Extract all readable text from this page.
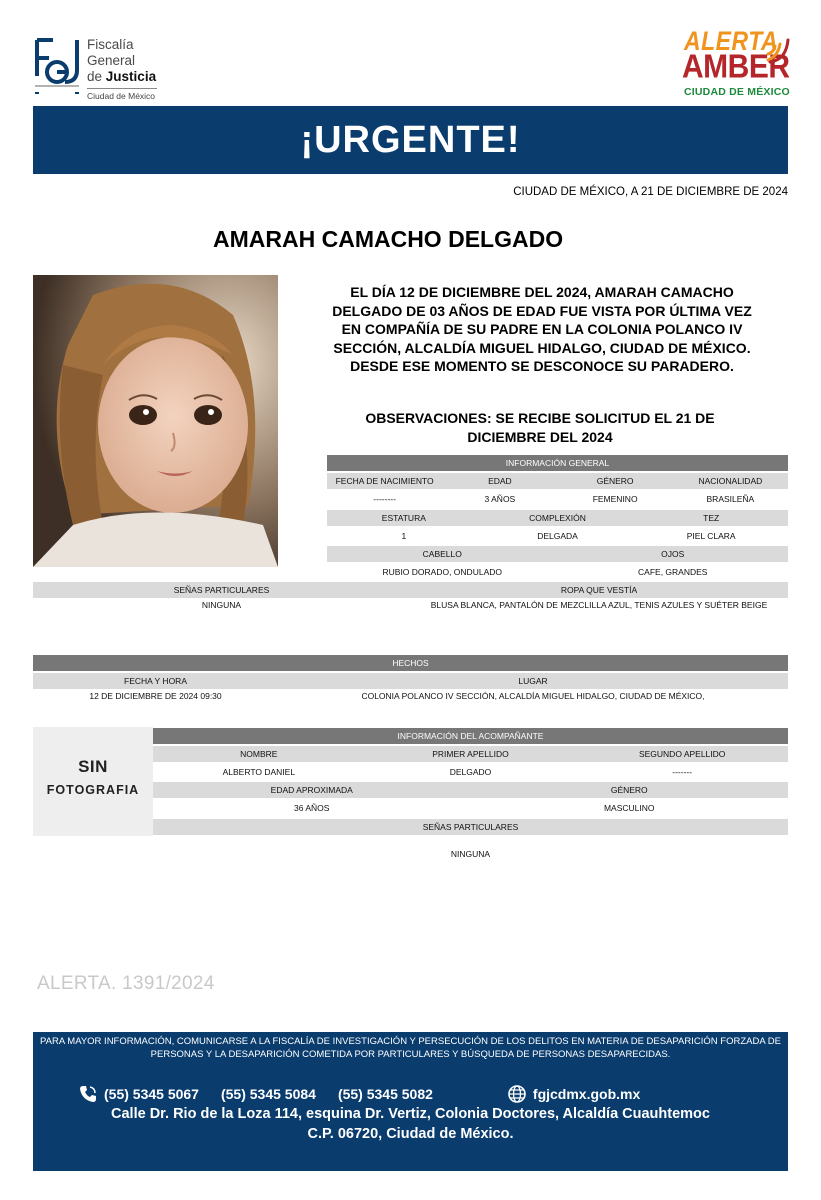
Fiscalía
General
de Justicia
Ciudad de México
ALERTA
AMBER
CIUDAD DE MÉXICO
¡URGENTE!
CIUDAD DE MÉXICO, A 21 DE DICIEMBRE DE 2024
AMARAH CAMACHO DELGADO
EL DÍA 12 DE DICIEMBRE DEL 2024, AMARAH CAMACHO DELGADO DE 03 AÑOS DE EDAD FUE VISTA POR ÚLTIMA VEZ EN COMPAÑÍA DE SU PADRE EN LA COLONIA POLANCO IV SECCIÓN, ALCALDÍA MIGUEL HIDALGO, CIUDAD DE MÉXICO. DESDE ESE MOMENTO SE DESCONOCE SU PARADERO.
OBSERVACIONES: SE RECIBE SOLICITUD EL 21 DE DICIEMBRE DEL 2024
INFORMACIÓN GENERAL
FECHA DE NACIMIENTO	EDAD	GÉNERO	NACIONALIDAD
--------	3 AÑOS	FEMENINO	BRASILEÑA
ESTATURA	COMPLEXIÓN	TEZ
1	DELGADA	PIEL CLARA
CABELLO	OJOS
RUBIO DORADO, ONDULADO	CAFE, GRANDES
SEÑAS PARTICULARES	ROPA QUE VESTÍA
NINGUNA	BLUSA BLANCA, PANTALÓN DE MEZCLILLA AZUL, TENIS AZULES Y SUÉTER BEIGE
HECHOS
FECHA Y HORA	LUGAR
12 DE DICIEMBRE DE 2024 09:30	COLONIA POLANCO IV SECCIÓN, ALCALDÍA MIGUEL HIDALGO, CIUDAD DE MÉXICO,
SIN
FOTOGRAFIA
INFORMACIÓN DEL ACOMPAÑANTE
NOMBRE	PRIMER APELLIDO	SEGUNDO APELLIDO
ALBERTO DANIEL	DELGADO	-------
EDAD APROXIMADA	GÉNERO
36 AÑOS	MASCULINO
SEÑAS PARTICULARES
NINGUNA
ALERTA. 1391/2024
PARA MAYOR INFORMACIÓN, COMUNICARSE A LA FISCALÍA DE INVESTIGACIÓN Y PERSECUCIÓN DE LOS DELITOS EN MATERIA DE DESAPARICIÓN FORZADA DE PERSONAS Y LA DESAPARICIÓN COMETIDA POR PARTICULARES Y BÚSQUEDA DE PERSONAS DESAPARECIDAS.
(55) 5345 5067 (55) 5345 5084 (55) 5345 5082	fgjcdmx.gob.mx
Calle Dr. Rio de la Loza 114, esquina Dr. Vertiz, Colonia Doctores, Alcaldía Cuauhtemoc
C.P. 06720, Ciudad de México.
